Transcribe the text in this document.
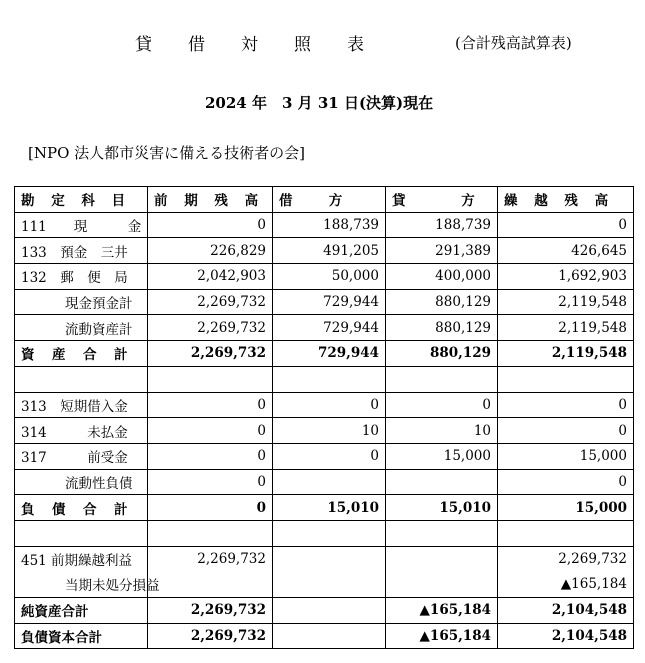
貸 借 対 照 表	(合計残高試算表)
2024 年　3 月 31 日(決算)現在
[NPO 法人都市災害に備える技術者の会]
勘 定 科 目	前 期 残 高	借　 方	貸　　 方	繰 越 残 高
111　　現　　　金	0	188,739	188,739	0
133　預金　三井	226,829	491,205	291,389	426,645
132　郵　便　局	2,042,903	50,000	400,000	1,692,903
現金預金計	2,269,732	729,944	880,129	2,119,548
流動資産計	2,269,732	729,944	880,129	2,119,548
資　産　合　計	2,269,732	729,944	880,129	2,119,548

313　短期借入金	0	0	0	0
314　　　未払金	0	10	10	0
317　　　前受金	0	0	15,000	15,000
流動性負債	0			0
負　債　合　計	0	15,010	15,010	15,000

451 前期繰越利益	2,269,732			2,269,732
当期未処分損益				▲165,184
純資産合計	2,269,732		▲165,184	2,104,548
負債資本合計	2,269,732		▲165,184	2,104,548
